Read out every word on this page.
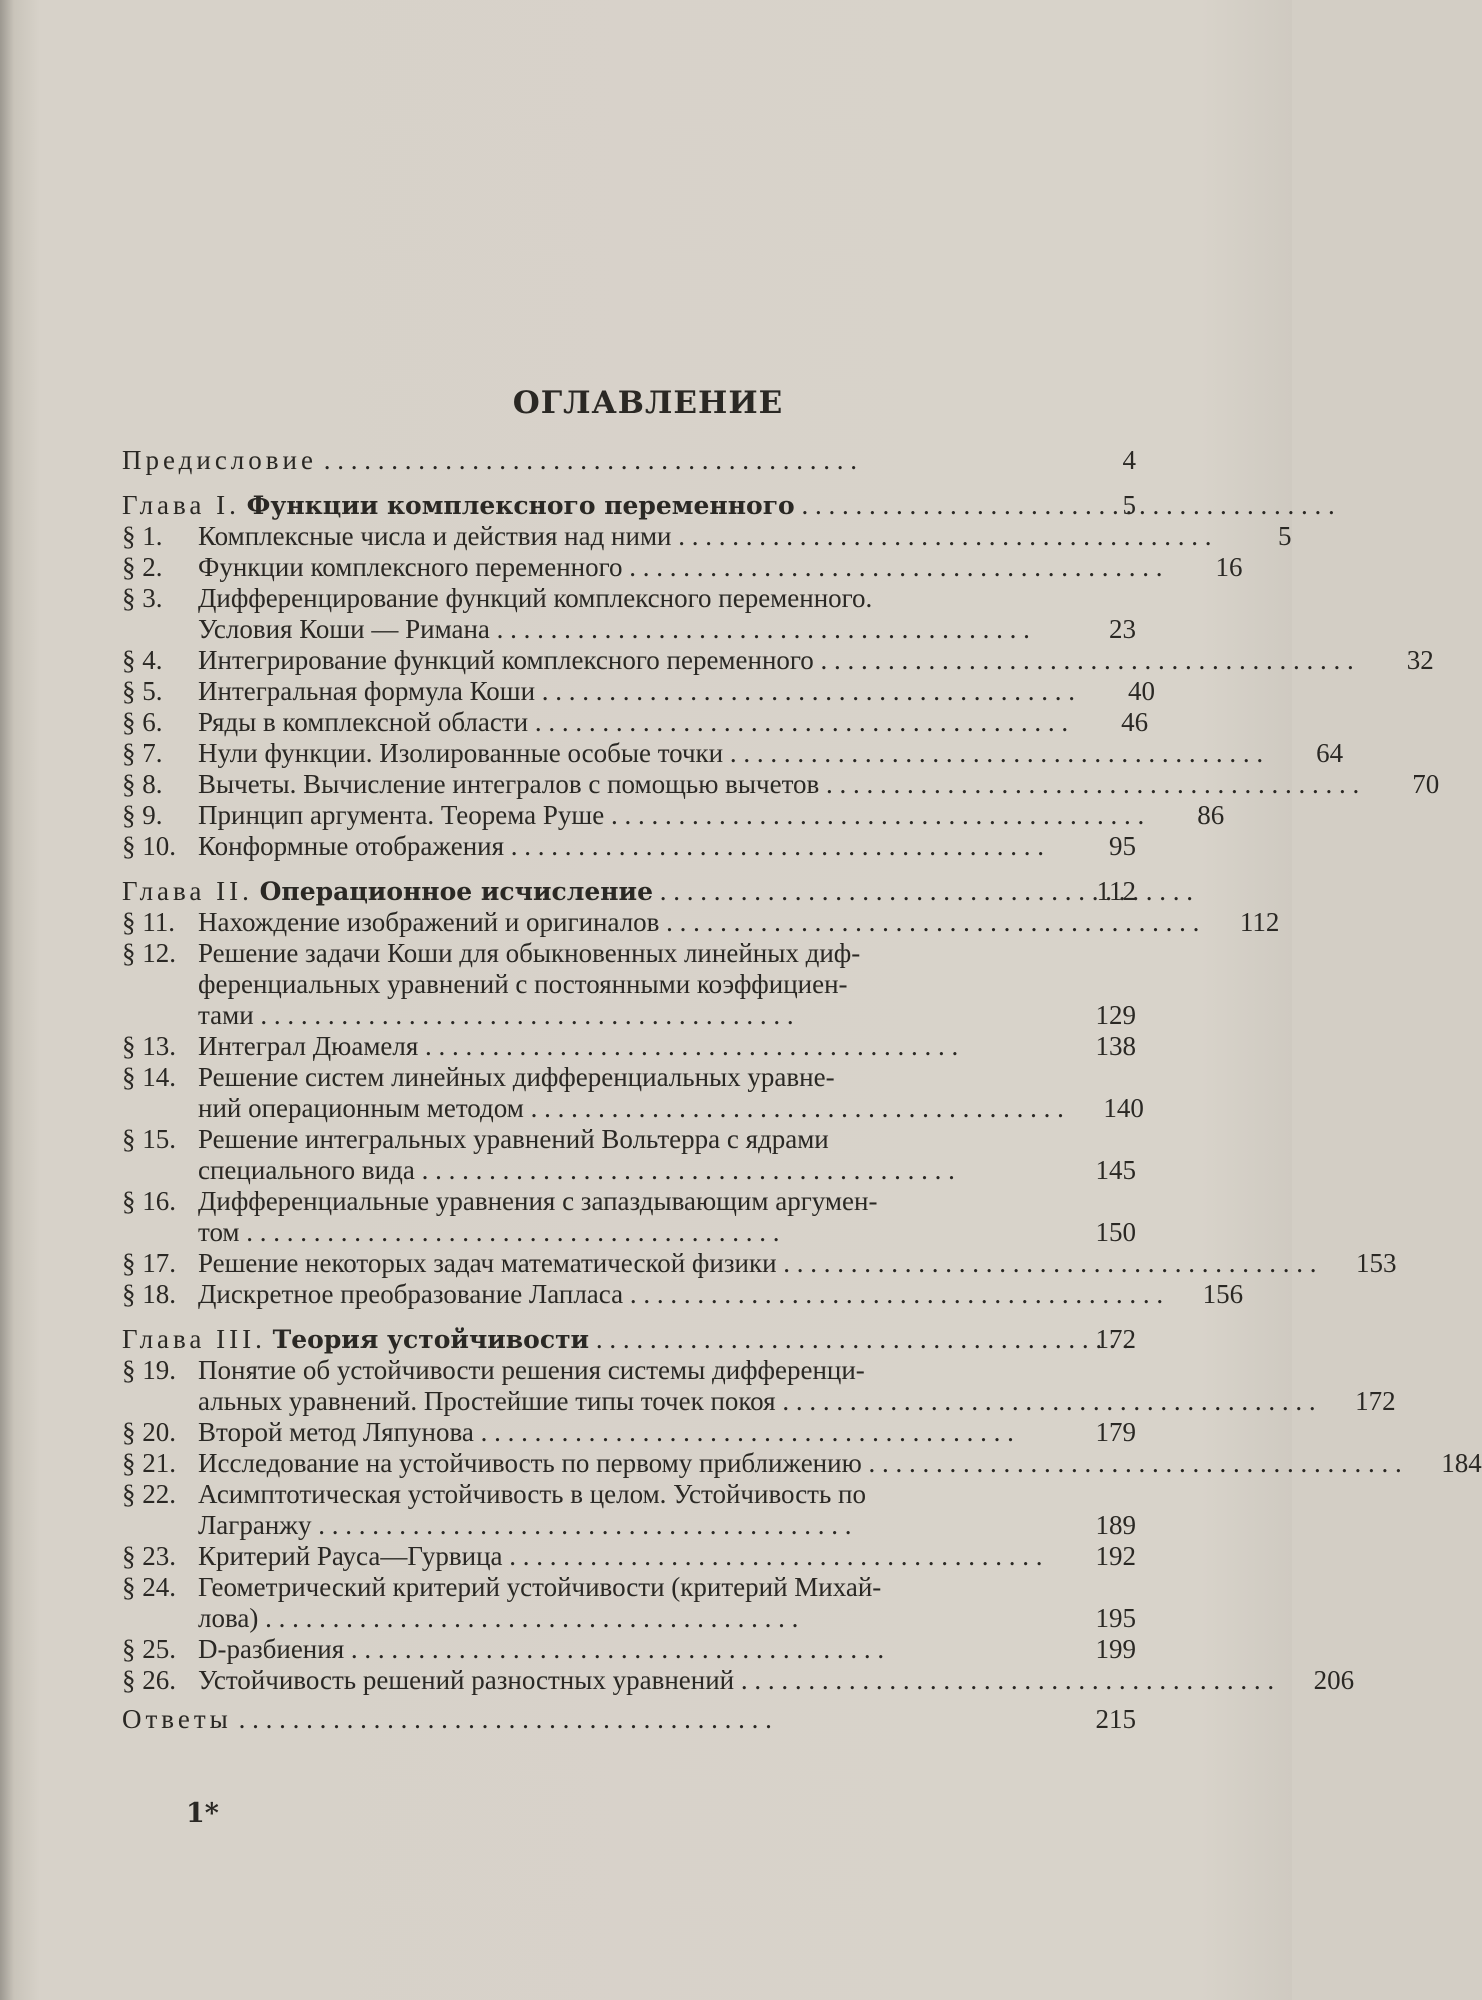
ОГЛАВЛЕНИЕ
Предисловие . . .	4
Глава I. Функции комплексного переменного . . .	5
§ 1.	Комплексные числа и действия над ними . . .	5
§ 2.	Функции комплексного переменного . . .	16
§ 3.	Дифференцирование функций комплексного переменного.
Условия Коши — Римана . . .	23
§ 4.	Интегрирование функций комплексного переменного . . .	32
§ 5.	Интегральная формула Коши . . .	40
§ 6.	Ряды в комплексной области . . .	46
§ 7.	Нули функции. Изолированные особые точки . . .	64
§ 8.	Вычеты. Вычисление интегралов с помощью вычетов . . .	70
§ 9.	Принцип аргумента. Теорема Руше . . .	86
§ 10. Конформные отображения . . .	95
Глава II. Операционное исчисление . . .	112
§ 11. Нахождение изображений и оригиналов . . .	112
§ 12. Решение задачи Коши для обыкновенных линейных диф-
ференциальных уравнений с постоянными коэффициен-
тами . . .	129
§ 13. Интеграл Дюамеля . . .	138
§ 14. Решение систем линейных дифференциальных уравне-
ний операционным методом . . .	140
§ 15. Решение интегральных уравнений Вольтерра с ядрами
специального вида . . .	145
§ 16. Дифференциальные уравнения с запаздывающим аргумен-
том . . .	150
§ 17. Решение некоторых задач математической физики . . .	153
§ 18. Дискретное преобразование Лапласа . . .	156
Глава III. Теория устойчивости . . .	172
§ 19. Понятие об устойчивости решения системы дифференци-
альных уравнений. Простейшие типы точек покоя . . .	172
§ 20. Второй метод Ляпунова . . .	179
§ 21. Исследование на устойчивость по первому приближению . . .	184
§ 22. Асимптотическая устойчивость в целом. Устойчивость по
Лагранжу . . .	189
§ 23. Критерий Рауса—Гурвица . . .	192
§ 24. Геометрический критерий устойчивости (критерий Михай-
лова) . . .	195
§ 25. D-разбиения . . .	199
§ 26. Устойчивость решений разностных уравнений . . .	206
Ответы . . .	215
1*
